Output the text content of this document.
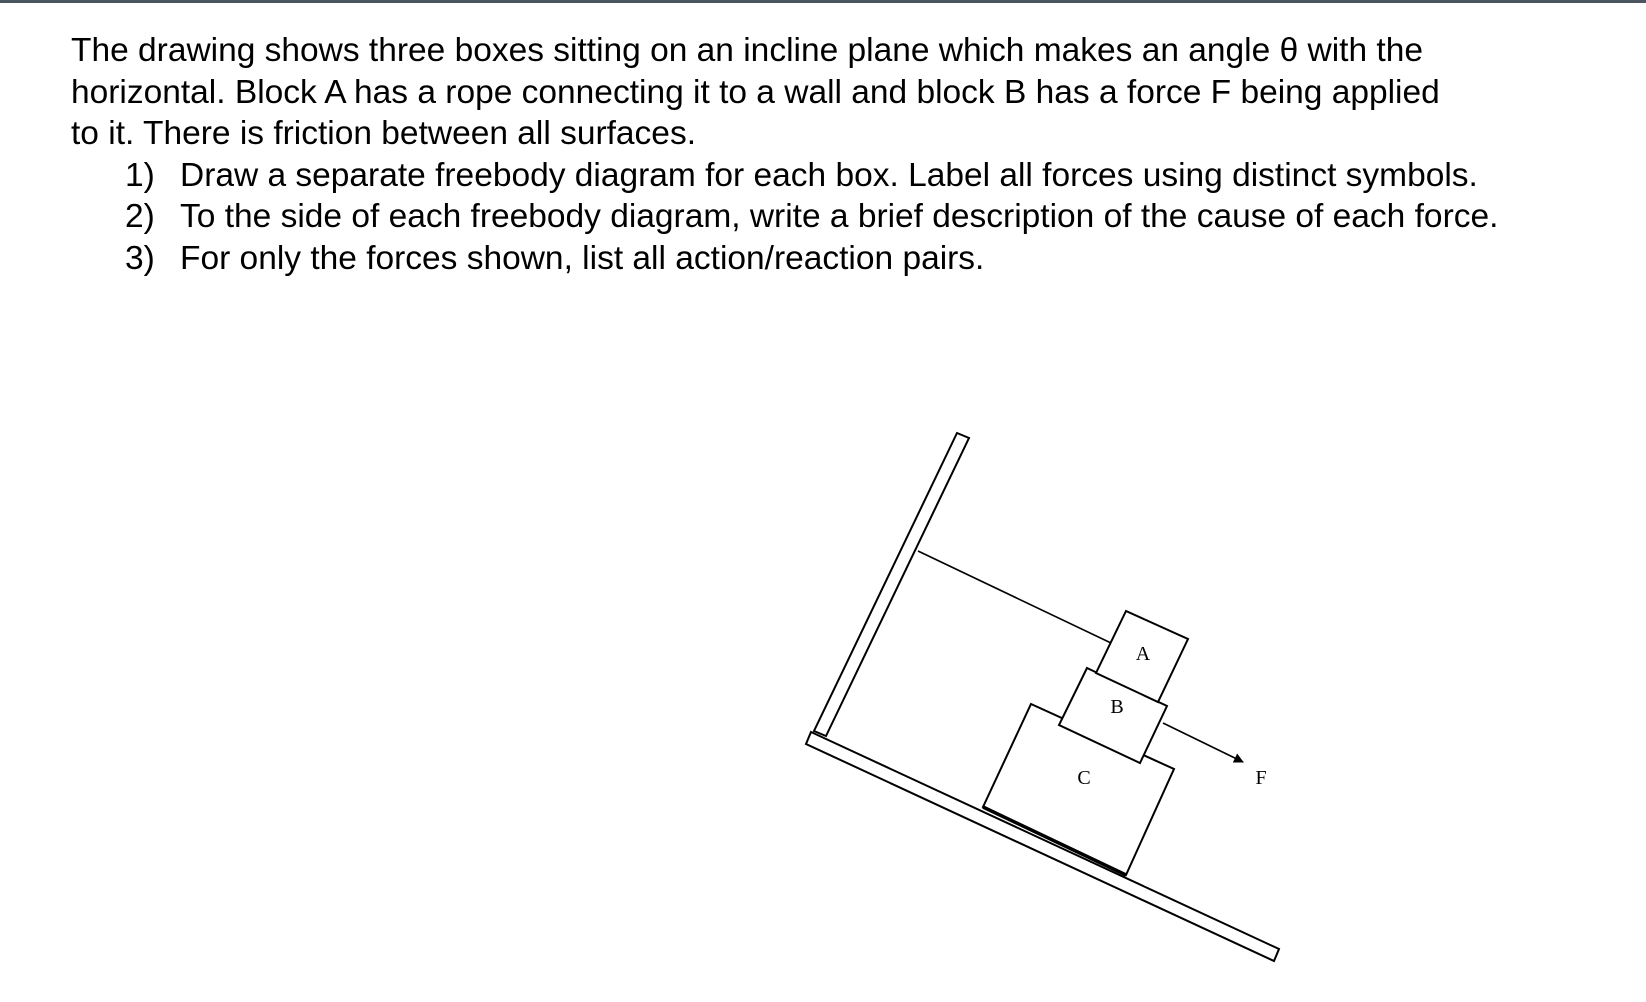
The drawing shows three boxes sitting on an incline plane which makes an angle θ with the horizontal. Block A has a rope connecting it to a wall and block B has a force F being applied to it. There is friction between all surfaces.

1) Draw a separate freebody diagram for each box. Label all forces using distinct symbols.
2) To the side of each freebody diagram, write a brief description of the cause of each force.
3) For only the forces shown, list all action/reaction pairs.
A
B
C	F
